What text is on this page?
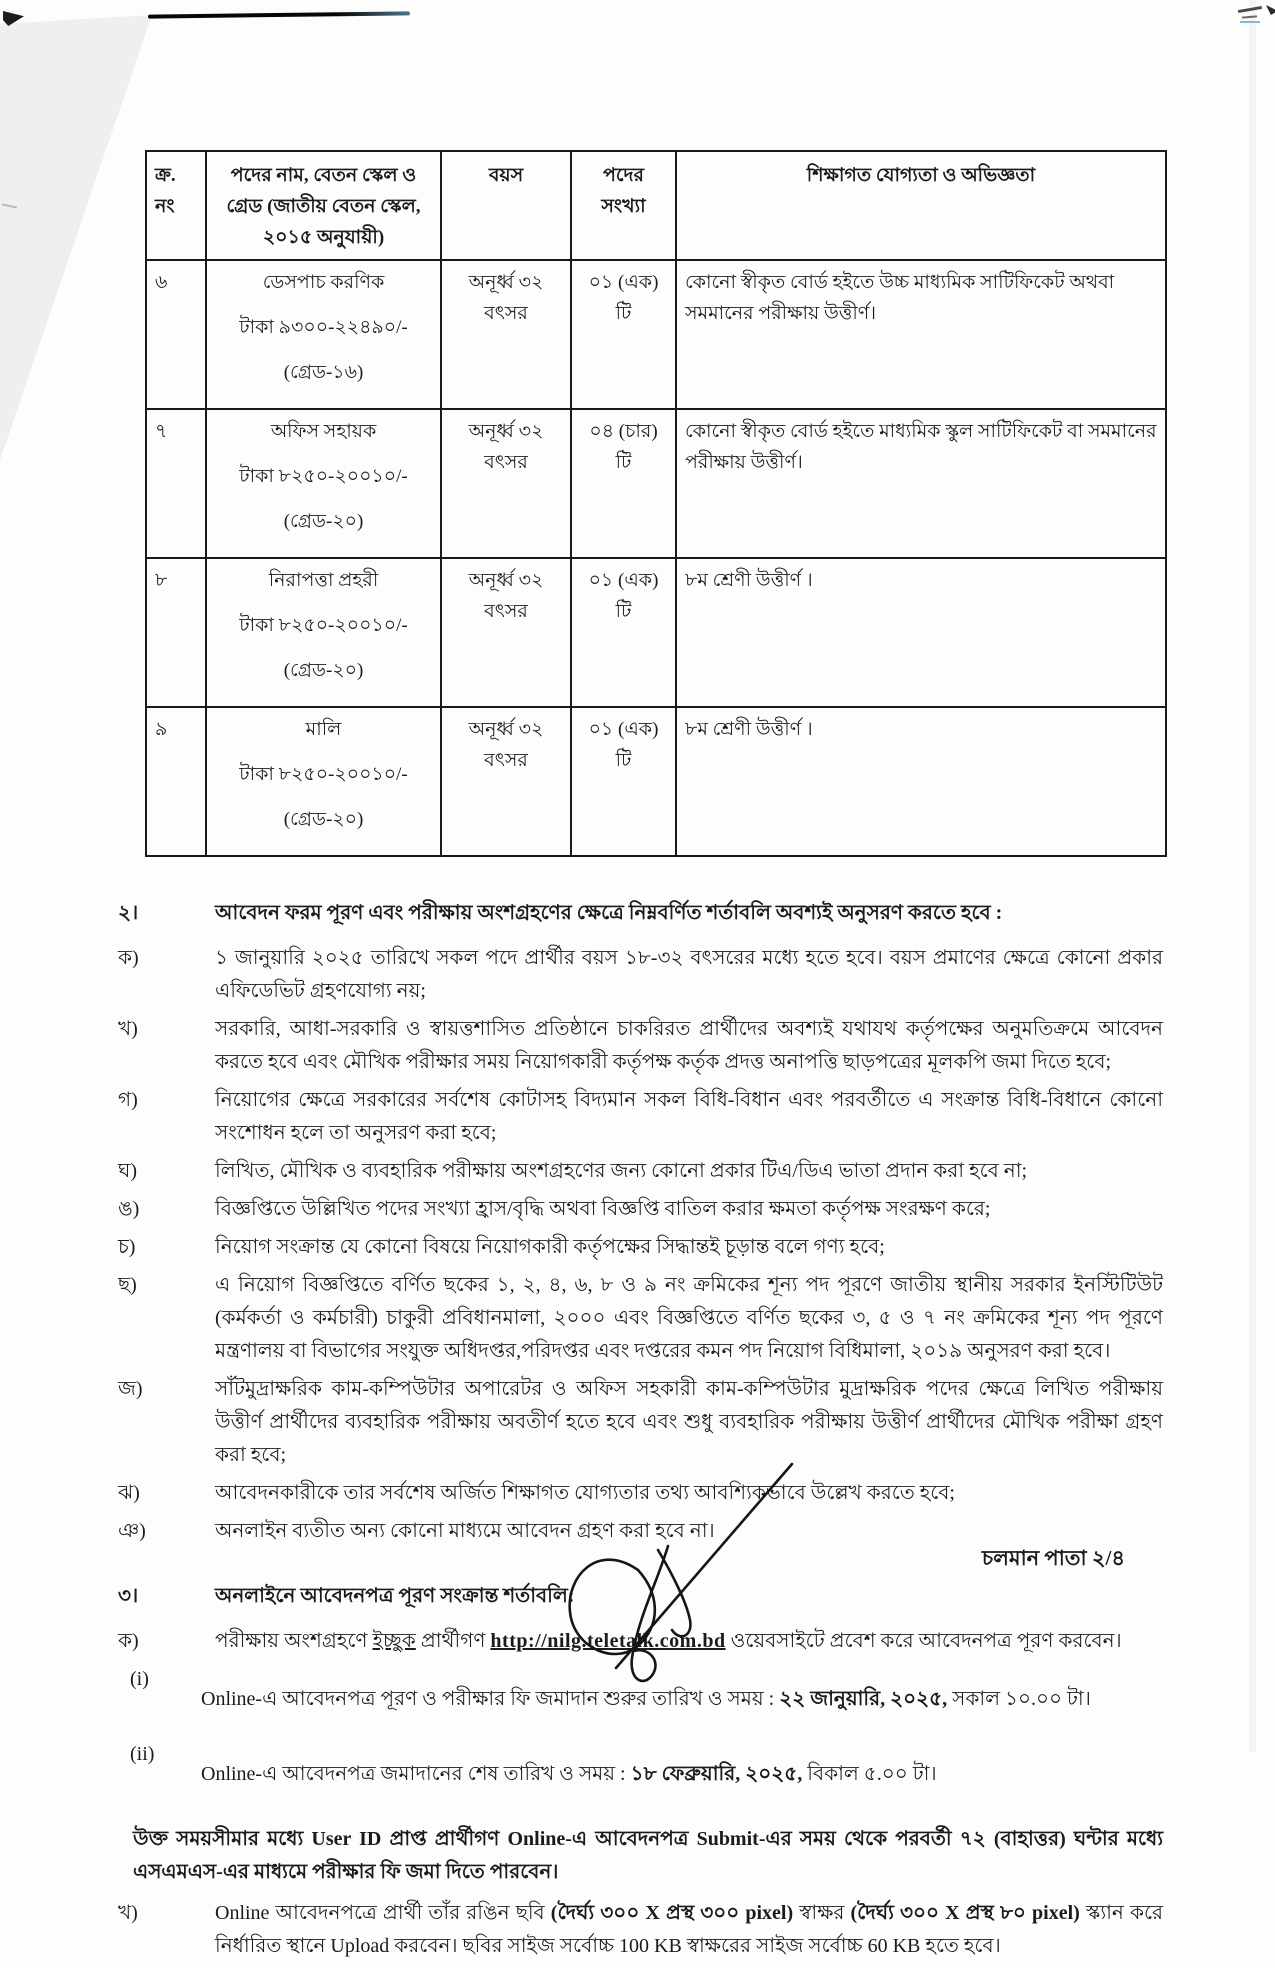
ক্র. নং	পদের নাম, বেতন স্কেল ও গ্রেড (জাতীয় বেতন স্কেল, ২০১৫ অনুযায়ী)	বয়স	পদের সংখ্যা	শিক্ষাগত যোগ্যতা ও অভিজ্ঞতা
৬	ডেসপাচ করণিক
টাকা ৯৩০০-২২৪৯০/-
(গ্রেড-১৬)	অনূর্ধ্ব ৩২ বৎসর	০১ (এক) টি	কোনো স্বীকৃত বোর্ড হইতে উচ্চ মাধ্যমিক সাটিফিকেট অথবা সমমানের পরীক্ষায় উত্তীর্ণ।
৭	অফিস সহায়ক
টাকা ৮২৫০-২০০১০/-
(গ্রেড-২০)	অনূর্ধ্ব ৩২ বৎসর	০৪ (চার) টি	কোনো স্বীকৃত বোর্ড হইতে মাধ্যমিক স্কুল সাটিফিকেট বা সমমানের পরীক্ষায় উত্তীর্ণ।
৮	নিরাপত্তা প্রহরী
টাকা ৮২৫০-২০০১০/-
(গ্রেড-২০)	অনূর্ধ্ব ৩২ বৎসর	০১ (এক) টি	৮ম শ্রেণী উত্তীর্ণ ।
৯	মালি
টাকা ৮২৫০-২০০১০/-
(গ্রেড-২০)	অনূর্ধ্ব ৩২ বৎসর	০১ (এক) টি	৮ম শ্রেণী উত্তীর্ণ ।
২।	আবেদন ফরম পূরণ এবং পরীক্ষায় অংশগ্রহণের ক্ষেত্রে নিম্নবর্ণিত শর্তাবলি অবশ্যই অনুসরণ করতে হবে :
ক)	১ জানুয়ারি ২০২৫ তারিখে সকল পদে প্রার্থীর বয়স ১৮-৩২ বৎসরের মধ্যে হতে হবে। বয়স প্রমাণের ক্ষেত্রে কোনো প্রকার এফিডেভিট গ্রহণযোগ্য নয়;

খ)	সরকারি, আধা-সরকারি ও স্বায়ত্তশাসিত প্রতিষ্ঠানে চাকরিরত প্রার্থীদের অবশ্যই যথাযথ কর্তৃপক্ষের অনুমতিক্রমে আবেদন করতে হবে এবং মৌখিক পরীক্ষার সময় নিয়োগকারী কর্তৃপক্ষ কর্তৃক প্রদত্ত অনাপত্তি ছাড়পত্রের মূলকপি জমা দিতে হবে;

গ)	নিয়োগের ক্ষেত্রে সরকারের সর্বশেষ কোটাসহ বিদ্যমান সকল বিধি-বিধান এবং পরবর্তীতে এ সংক্রান্ত বিধি-বিধানে কোনো সংশোধন হলে তা অনুসরণ করা হবে;

ঘ)	লিখিত, মৌখিক ও ব্যবহারিক পরীক্ষায় অংশগ্রহণের জন্য কোনো প্রকার টিএ/ডিএ ভাতা প্রদান করা হবে না;

ঙ)	বিজ্ঞপ্তিতে উল্লিখিত পদের সংখ্যা হ্রাস/বৃদ্ধি অথবা বিজ্ঞপ্তি বাতিল করার ক্ষমতা কর্তৃপক্ষ সংরক্ষণ করে;

চ)	নিয়োগ সংক্রান্ত যে কোনো বিষয়ে নিয়োগকারী কর্তৃপক্ষের সিদ্ধান্তই চূড়ান্ত বলে গণ্য হবে;

ছ)	এ নিয়োগ বিজ্ঞপ্তিতে বর্ণিত ছকের ১, ২, ৪, ৬, ৮ ও ৯ নং ক্রমিকের শূন্য পদ পূরণে জাতীয় স্থানীয় সরকার ইনস্টিটিউট (কর্মকর্তা ও কর্মচারী) চাকুরী প্রবিধানমালা, ২০০০ এবং বিজ্ঞপ্তিতে বর্ণিত ছকের ৩, ৫ ও ৭ নং ক্রমিকের শূন্য পদ পূরণে মন্ত্রণালয় বা বিভাগের সংযুক্ত অধিদপ্তর,পরিদপ্তর এবং দপ্তরের কমন পদ নিয়োগ বিধিমালা, ২০১৯ অনুসরণ করা হবে।

জ)	সাঁটমুদ্রাক্ষরিক কাম-কম্পিউটার অপারেটর ও অফিস সহকারী কাম-কম্পিউটার মুদ্রাক্ষরিক পদের ক্ষেত্রে লিখিত পরীক্ষায় উত্তীর্ণ প্রার্থীদের ব্যবহারিক পরীক্ষায় অবতীর্ণ হতে হবে এবং শুধু ব্যবহারিক পরীক্ষায় উত্তীর্ণ প্রার্থীদের মৌখিক পরীক্ষা গ্রহণ করা হবে;

ঝ)	আবেদনকারীকে তার সর্বশেষ অর্জিত শিক্ষাগত যোগ্যতার তথ্য আবশ্যিকভাবে উল্লেখ করতে হবে;

ঞ)	অনলাইন ব্যতীত অন্য কোনো মাধ্যমে আবেদন গ্রহণ করা হবে না।

৩।	অনলাইনে আবেদনপত্র পূরণ সংক্রান্ত শর্তাবলি:
ক)	পরীক্ষায় অংশগ্রহণে ইচ্ছুক প্রার্থীগণ http://nilg.teletalk.com.bd ওয়েবসাইটে প্রবেশ করে আবেদনপত্র পূরণ করবেন।

(i)

Online-এ আবেদনপত্র পূরণ ও পরীক্ষার ফি জমাদান শুরুর তারিখ ও সময় : ২২ জানুয়ারি, ২০২৫, সকাল ১০.০০ টা।

(ii)

Online-এ আবেদনপত্র জমাদানের শেষ তারিখ ও সময় : ১৮ ফেব্রুয়ারি, ২০২৫, বিকাল ৫.০০ টা।

উক্ত সময়সীমার মধ্যে User ID প্রাপ্ত প্রার্থীগণ Online-এ আবেদনপত্র Submit-এর সময় থেকে পরবর্তী ৭২ (বাহাত্তর) ঘন্টার মধ্যে এসএমএস-এর মাধ্যমে পরীক্ষার ফি জমা দিতে পারবেন।

খ)	Online আবেদনপত্রে প্রার্থী তাঁর রঙিন ছবি (দৈর্ঘ্য ৩০০ X প্রস্থ ৩০০ pixel) স্বাক্ষর (দৈর্ঘ্য ৩০০ X প্রস্থ ৮০ pixel) স্ক্যান করে নির্ধারিত স্থানে Upload করবেন। ছবির সাইজ সর্বোচ্চ 100 KB স্বাক্ষরের সাইজ সর্বোচ্চ 60 KB হতে হবে।

চলমান পাতা ২/৪
